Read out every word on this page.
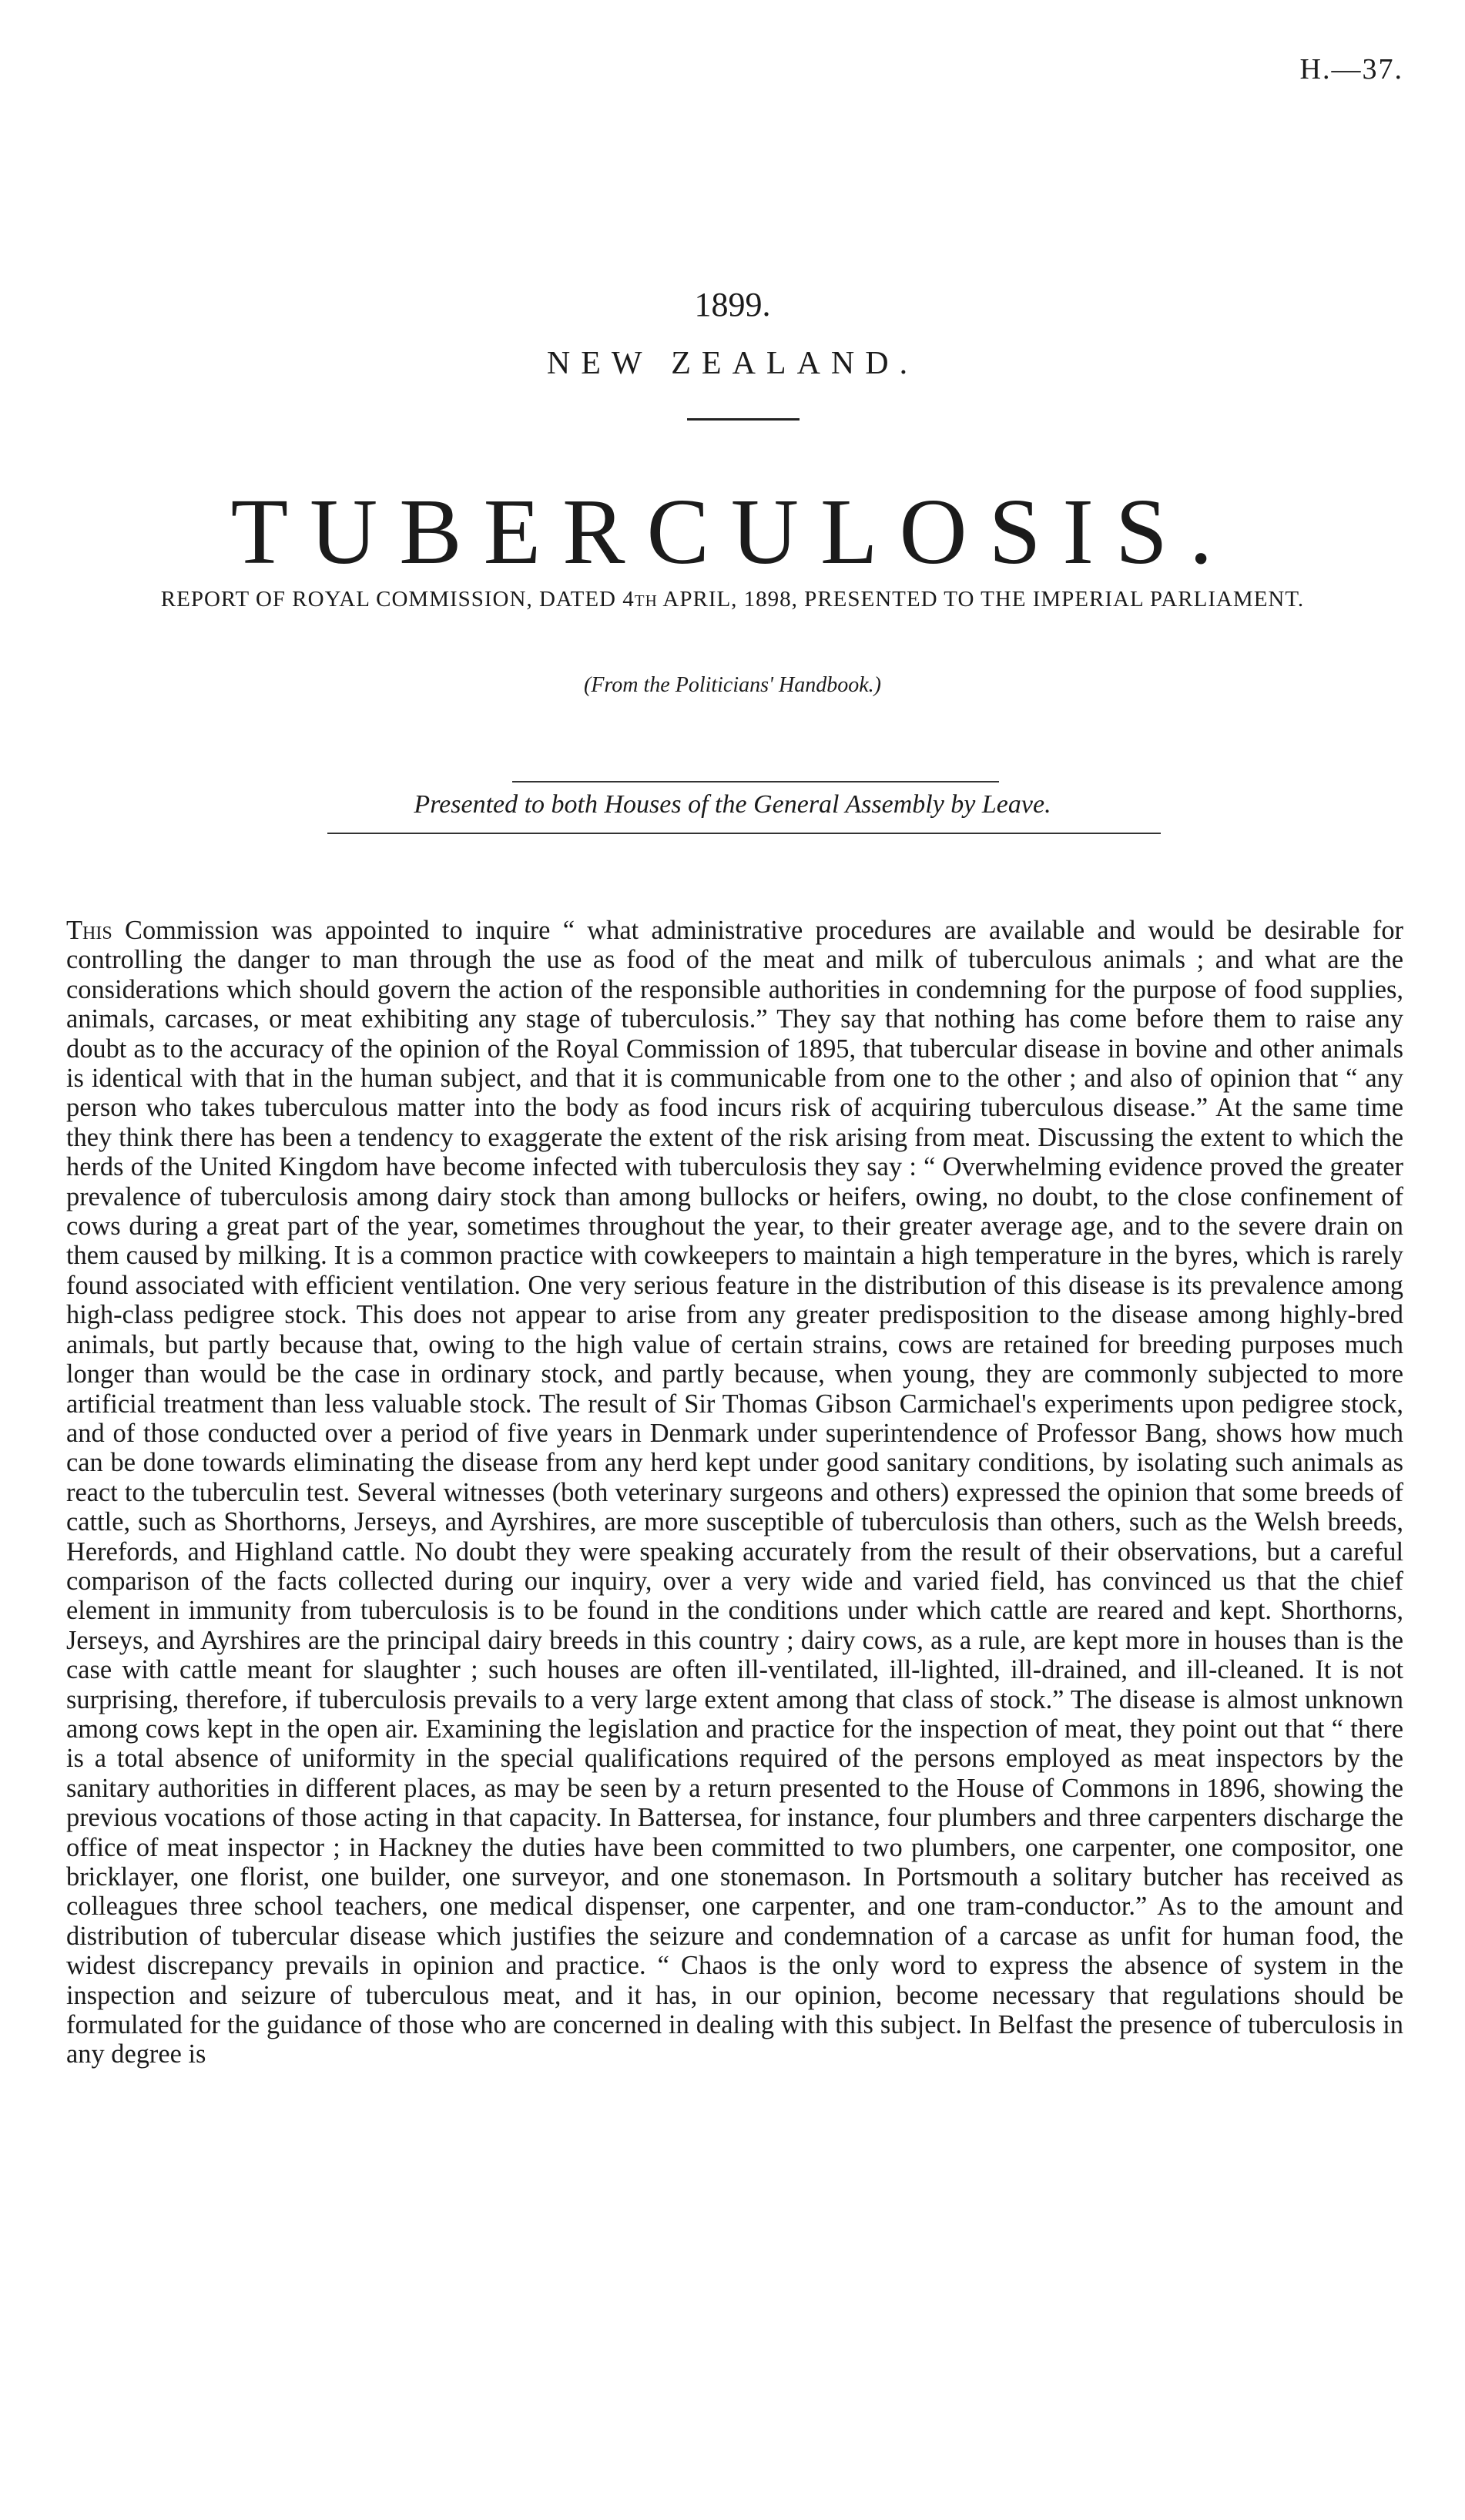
H.—37.
1899.
NEW ZEALAND.
TUBERCULOSIS.
REPORT OF ROYAL COMMISSION, DATED 4TH APRIL, 1898, PRESENTED TO THE IMPERIAL PARLIAMENT.
(From the Politicians' Handbook.)
Presented to both Houses of the General Assembly by Leave.
This Commission was appointed to inquire “ what administrative procedures are available and would be desirable for controlling the danger to man through the use as food of the meat and milk of tuberculous animals ; and what are the considerations which should govern the action of the responsible authorities in condemning for the purpose of food supplies, animals, carcases, or meat exhibiting any stage of tuberculosis.” They say that nothing has come before them to raise any doubt as to the accuracy of the opinion of the Royal Commission of 1895, that tubercular disease in bovine and other animals is identical with that in the human subject, and that it is communicable from one to the other ; and also of opinion that “ any person who takes tuberculous matter into the body as food incurs risk of acquiring tuberculous disease.” At the same time they think there has been a tendency to exaggerate the extent of the risk arising from meat. Discussing the extent to which the herds of the United Kingdom have become infected with tuberculosis they say : “ Overwhelming evidence proved the greater prevalence of tuberculosis among dairy stock than among bullocks or heifers, owing, no doubt, to the close confinement of cows during a great part of the year, sometimes throughout the year, to their greater average age, and to the severe drain on them caused by milking. It is a common practice with cowkeepers to maintain a high temperature in the byres, which is rarely found associated with efficient ventilation. One very serious feature in the distribution of this disease is its prevalence among high-class pedigree stock. This does not appear to arise from any greater predisposition to the disease among highly-bred animals, but partly because that, owing to the high value of certain strains, cows are retained for breeding purposes much longer than would be the case in ordinary stock, and partly because, when young, they are commonly subjected to more artificial treatment than less valuable stock. The result of Sir Thomas Gibson Carmichael's experiments upon pedigree stock, and of those conducted over a period of five years in Denmark under superintendence of Professor Bang, shows how much can be done towards eliminating the disease from any herd kept under good sanitary conditions, by isolating such animals as react to the tuberculin test. Several witnesses (both veterinary surgeons and others) expressed the opinion that some breeds of cattle, such as Shorthorns, Jerseys, and Ayrshires, are more susceptible of tuberculosis than others, such as the Welsh breeds, Herefords, and Highland cattle. No doubt they were speaking accurately from the result of their observations, but a careful comparison of the facts collected during our inquiry, over a very wide and varied field, has convinced us that the chief element in immunity from tuberculosis is to be found in the conditions under which cattle are reared and kept. Shorthorns, Jerseys, and Ayrshires are the principal dairy breeds in this country ; dairy cows, as a rule, are kept more in houses than is the case with cattle meant for slaughter ; such houses are often ill-ventilated, ill-lighted, ill-drained, and ill-cleaned. It is not surprising, therefore, if tuberculosis prevails to a very large extent among that class of stock.” The disease is almost unknown among cows kept in the open air. Examining the legislation and practice for the inspection of meat, they point out that “ there is a total absence of uniformity in the special qualifications required of the persons employed as meat inspectors by the sanitary authorities in different places, as may be seen by a return presented to the House of Commons in 1896, showing the previous vocations of those acting in that capacity. In Battersea, for instance, four plumbers and three carpenters discharge the office of meat inspector ; in Hackney the duties have been committed to two plumbers, one carpenter, one compositor, one bricklayer, one florist, one builder, one surveyor, and one stonemason. In Portsmouth a solitary butcher has received as colleagues three school teachers, one medical dispenser, one carpenter, and one tram-conductor.” As to the amount and distribution of tubercular disease which justifies the seizure and condemnation of a carcase as unfit for human food, the widest discrepancy prevails in opinion and practice. “ Chaos is the only word to express the absence of system in the inspection and seizure of tuberculous meat, and it has, in our opinion, become necessary that regulations should be formulated for the guidance of those who are concerned in dealing with this subject. In Belfast the presence of tuberculosis in any degree is
